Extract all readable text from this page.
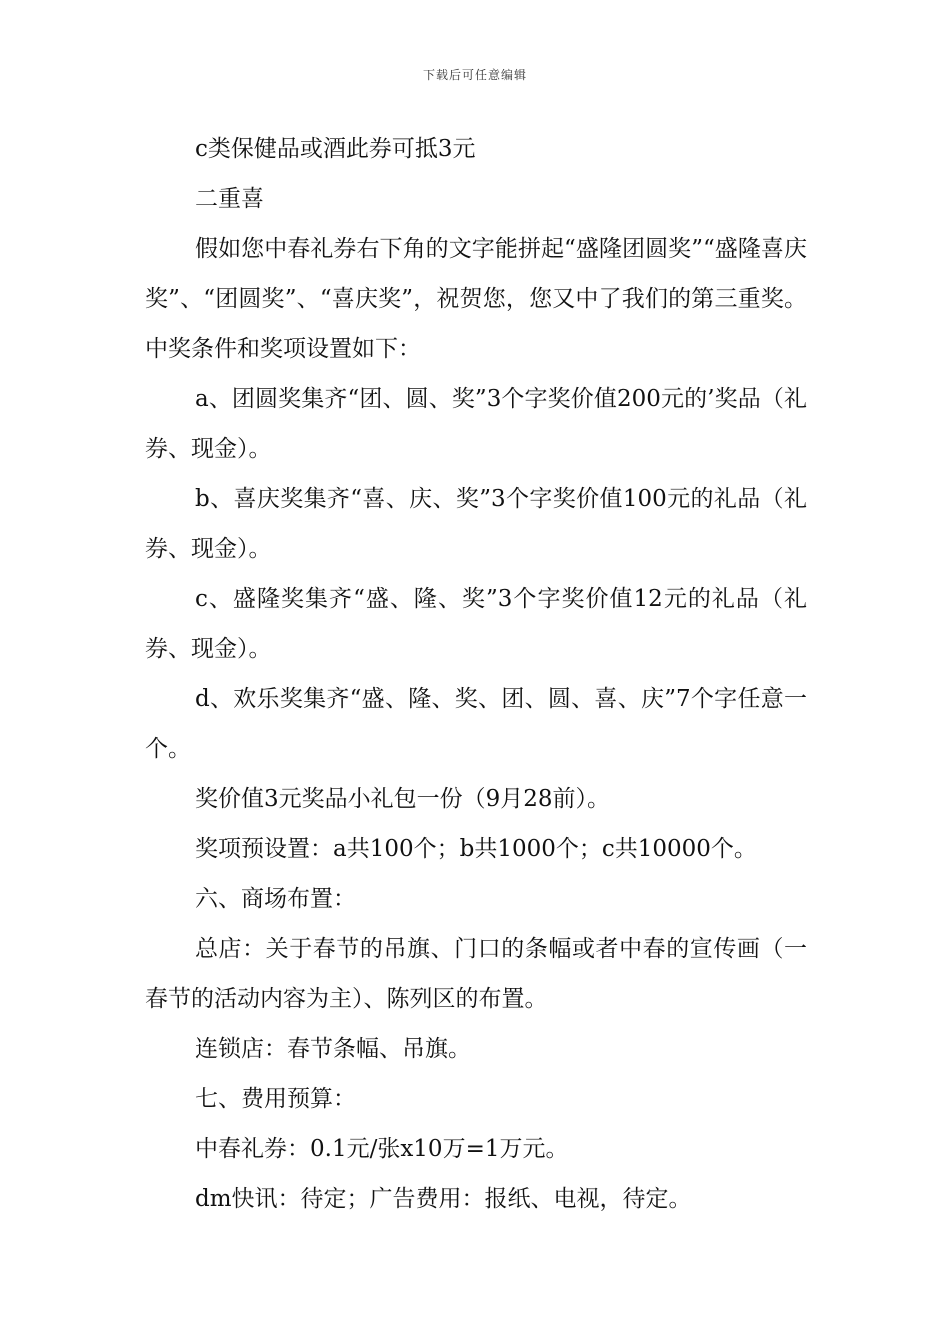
下载后可任意编辑

c类保健品或酒此券可抵3元

二重喜

假如您中春礼券右下角的文字能拼起“盛隆团圆奖”“盛隆喜庆奖”、“团圆奖”、“喜庆奖”，祝贺您，您又中了我们的第三重奖。中奖条件和奖项设置如下：

a、团圆奖集齐“团、圆、奖”3个字奖价值200元的’奖品（礼券、现金）。

b、喜庆奖集齐“喜、庆、奖”3个字奖价值100元的礼品（礼券、现金）。

c、盛隆奖集齐“盛、隆、奖”3个字奖价值12元的礼品（礼券、现金）。

d、欢乐奖集齐“盛、隆、奖、团、圆、喜、庆”7个字任意一个。

奖价值3元奖品小礼包一份（9月28前）。

奖项预设置：a共100个；b共1000个；c共10000个。

六、商场布置：

总店：关于春节的吊旗、门口的条幅或者中春的宣传画（一春节的活动内容为主）、陈列区的布置。

连锁店：春节条幅、吊旗。

七、费用预算：

中春礼券：0.1元/张x10万=1万元。

dm快讯：待定；广告费用：报纸、电视，待定。
